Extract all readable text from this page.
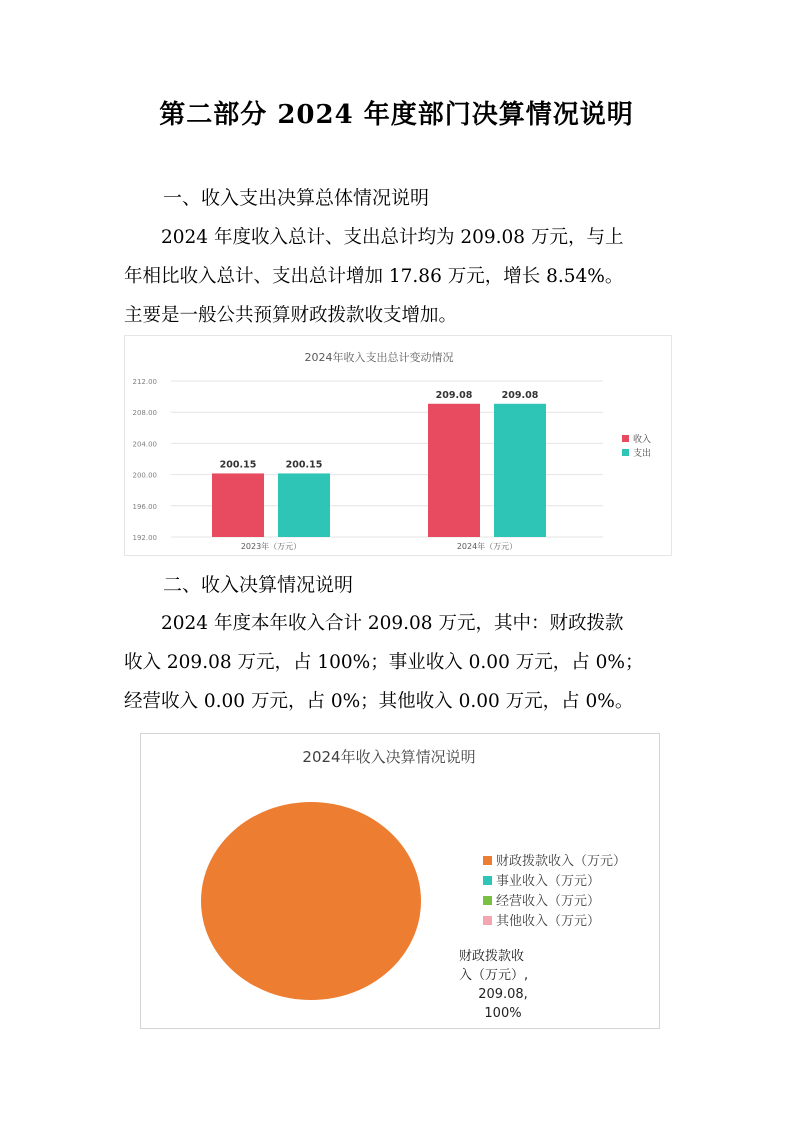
第二部分 2024 年度部门决算情况说明
一、收入支出决算总体情况说明

2024 年度收入总计、支出总计均为 209.08 万元，与上
年相比收入总计、支出总计增加 17.86 万元，增长 8.54%。
主要是一般公共预算财政拨款收支增加。

2024年收入支出总计变动情况
192.00
196.00
200.00
204.00
208.00
212.00
200.15	200.15
2023年（万元）
209.08	209.08
2024年（万元）
收入
支出
二、收入决算情况说明

2024 年度本年收入合计 209.08 万元，其中：财政拨款
收入 209.08 万元，占 100%；事业收入 0.00 万元，占 0%；
经营收入 0.00 万元，占 0%；其他收入 0.00 万元，占 0%。

2024年收入决算情况说明
财政拨款收入（万元）
事业收入（万元）
经营收入（万元）
其他收入（万元）
财政拨款收
入（万元）,
209.08,
100%
